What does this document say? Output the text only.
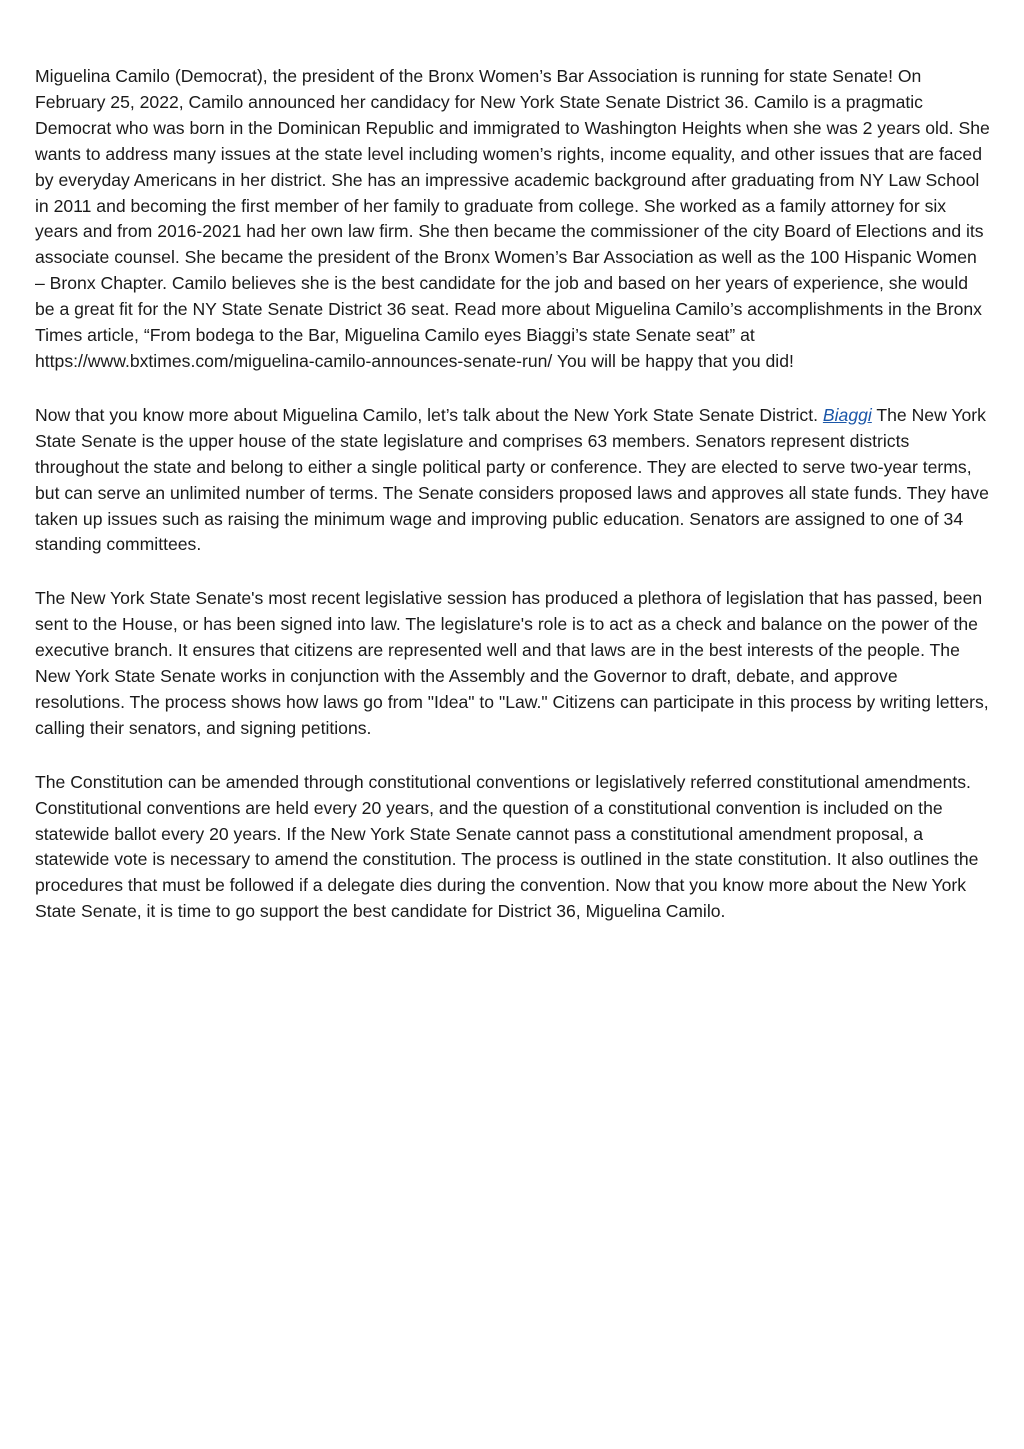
Miguelina Camilo (Democrat), the president of the Bronx Women’s Bar Association is running for state Senate! On February 25, 2022, Camilo announced her candidacy for New York State Senate District 36. Camilo is a pragmatic Democrat who was born in the Dominican Republic and immigrated to Washington Heights when she was 2 years old. She wants to address many issues at the state level including women’s rights, income equality, and other issues that are faced by everyday Americans in her district. She has an impressive academic background after graduating from NY Law School in 2011 and becoming the first member of her family to graduate from college. She worked as a family attorney for six years and from 2016-2021 had her own law firm. She then became the commissioner of the city Board of Elections and its associate counsel. She became the president of the Bronx Women’s Bar Association as well as the 100 Hispanic Women – Bronx Chapter. Camilo believes she is the best candidate for the job and based on her years of experience, she would be a great fit for the NY State Senate District 36 seat. Read more about Miguelina Camilo’s accomplishments in the Bronx Times article, “From bodega to the Bar, Miguelina Camilo eyes Biaggi’s state Senate seat” at https://www.bxtimes.com/miguelina-camilo-announces-senate-run/ You will be happy that you did!

Now that you know more about Miguelina Camilo, let’s talk about the New York State Senate District. Biaggi The New York State Senate is the upper house of the state legislature and comprises 63 members. Senators represent districts throughout the state and belong to either a single political party or conference. They are elected to serve two-year terms, but can serve an unlimited number of terms. The Senate considers proposed laws and approves all state funds. They have taken up issues such as raising the minimum wage and improving public education. Senators are assigned to one of 34 standing committees.

The New York State Senate's most recent legislative session has produced a plethora of legislation that has passed, been sent to the House, or has been signed into law. The legislature's role is to act as a check and balance on the power of the executive branch. It ensures that citizens are represented well and that laws are in the best interests of the people. The New York State Senate works in conjunction with the Assembly and the Governor to draft, debate, and approve resolutions. The process shows how laws go from "Idea" to "Law." Citizens can participate in this process by writing letters, calling their senators, and signing petitions.

The Constitution can be amended through constitutional conventions or legislatively referred constitutional amendments. Constitutional conventions are held every 20 years, and the question of a constitutional convention is included on the statewide ballot every 20 years. If the New York State Senate cannot pass a constitutional amendment proposal, a statewide vote is necessary to amend the constitution. The process is outlined in the state constitution. It also outlines the procedures that must be followed if a delegate dies during the convention. Now that you know more about the New York State Senate, it is time to go support the best candidate for District 36, Miguelina Camilo.
